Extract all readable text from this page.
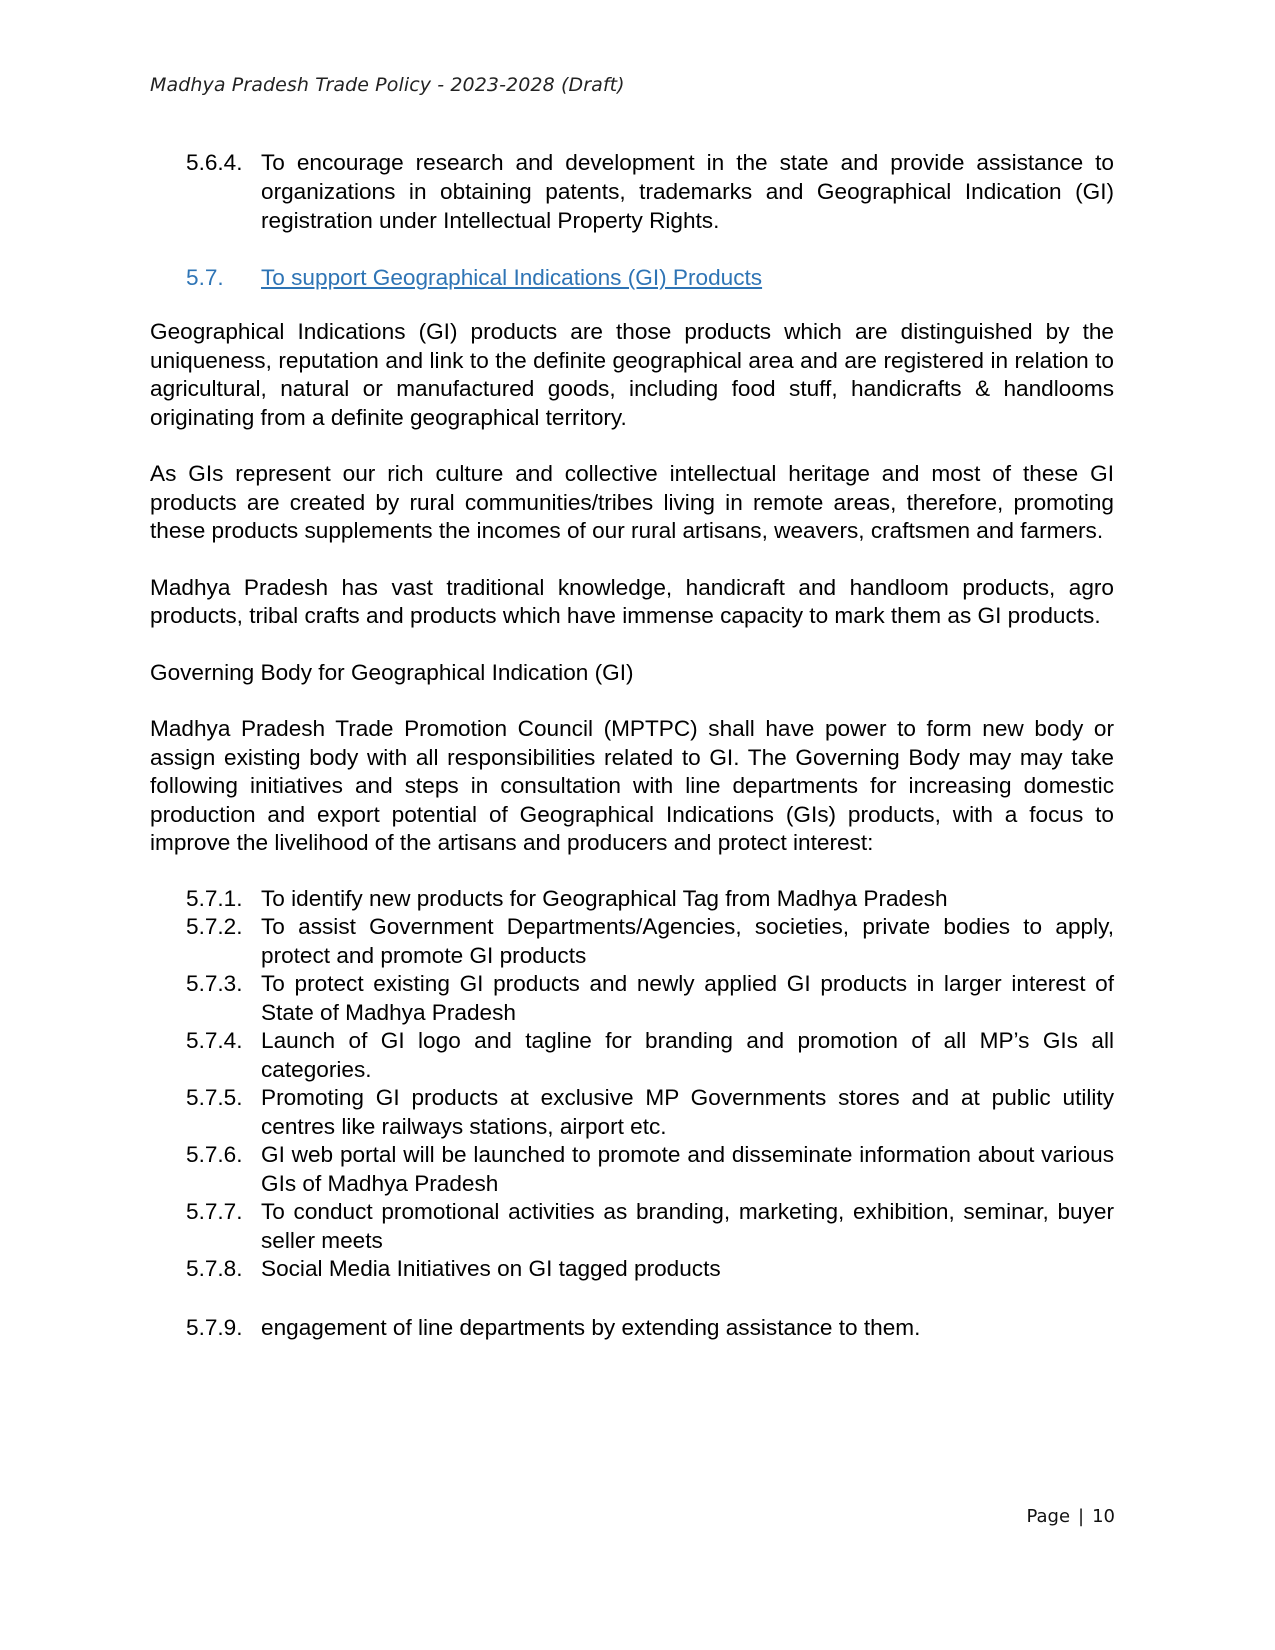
Madhya Pradesh Trade Policy - 2023-2028 (Draft)
5.6.4. To encourage research and development in the state and provide assistance to organizations in obtaining patents, trademarks and Geographical Indication (GI) registration under Intellectual Property Rights.
5.7.	To support Geographical Indications (GI) Products

Geographical Indications (GI) products are those products which are distinguished by the uniqueness, reputation and link to the definite geographical area and are registered in relation to agricultural, natural or manufactured goods, including food stuff, handicrafts & handlooms originating from a definite geographical territory.

As GIs represent our rich culture and collective intellectual heritage and most of these GI products are created by rural communities/tribes living in remote areas, therefore, promoting these products supplements the incomes of our rural artisans, weavers, craftsmen and farmers.

Madhya Pradesh has vast traditional knowledge, handicraft and handloom products, agro products, tribal crafts and products which have immense capacity to mark them as GI products.

Governing Body for Geographical Indication (GI)

Madhya Pradesh Trade Promotion Council (MPTPC) shall have power to form new body or assign existing body with all responsibilities related to GI. The Governing Body may may take following initiatives and steps in consultation with line departments for increasing domestic production and export potential of Geographical Indications (GIs) products, with a focus to improve the livelihood of the artisans and producers and protect interest:

5.7.1. To identify new products for Geographical Tag from Madhya Pradesh
5.7.2. To assist Government Departments/Agencies, societies, private bodies to apply, protect and promote GI products
5.7.3. To protect existing GI products and newly applied GI products in larger interest of State of Madhya Pradesh
5.7.4. Launch of GI logo and tagline for branding and promotion of all MP’s GIs all categories.
5.7.5. Promoting GI products at exclusive MP Governments stores and at public utility centres like railways stations, airport etc.
5.7.6. GI web portal will be launched to promote and disseminate information about various GIs of Madhya Pradesh
5.7.7. To conduct promotional activities as branding, marketing, exhibition, seminar, buyer seller meets
5.7.8. Social Media Initiatives on GI tagged products
5.7.9. engagement of line departments by extending assistance to them.
Page | 10
